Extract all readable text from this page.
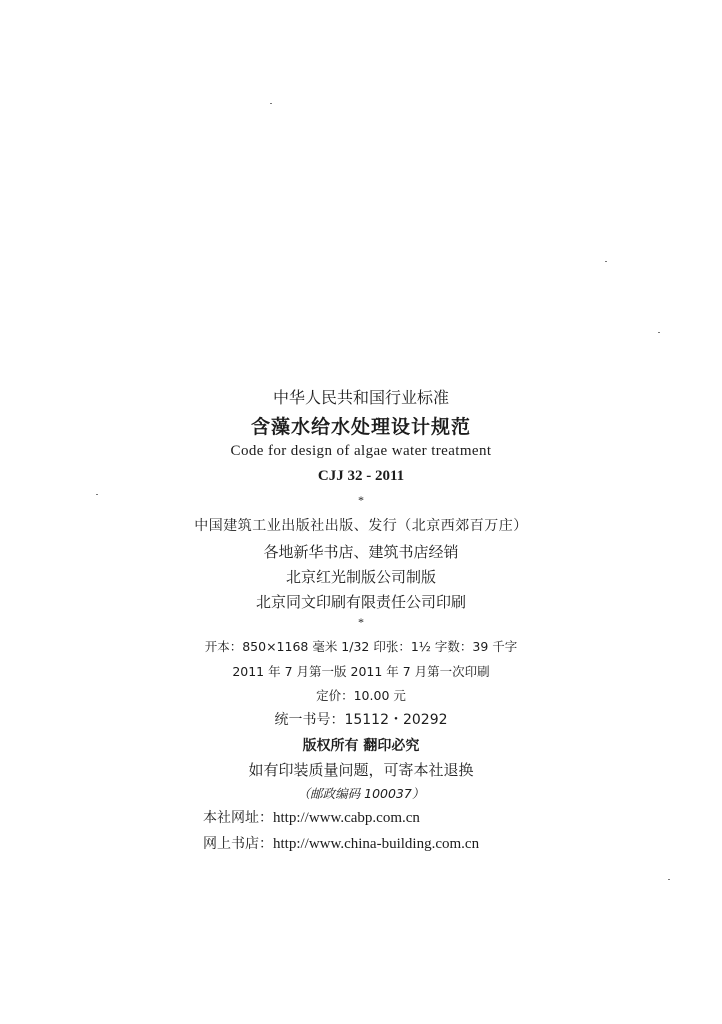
中华人民共和国行业标准
含藻水给水处理设计规范
Code for design of algae water treatment
CJJ 32 - 2011
*
中国建筑工业出版社出版、发行（北京西郊百万庄）
各地新华书店、建筑书店经销
北京红光制版公司制版
北京同文印刷有限责任公司印刷
*
开本：850×1168 毫米 1/32 印张：1½ 字数：39 千字
2011 年 7 月第一版 2011 年 7 月第一次印刷
定价：10.00 元
统一书号：15112・20292
版权所有 翻印必究
如有印装质量问题，可寄本社退换
（邮政编码 100037）
本社网址：http://www.cabp.com.cn
网上书店：http://www.china-building.com.cn
